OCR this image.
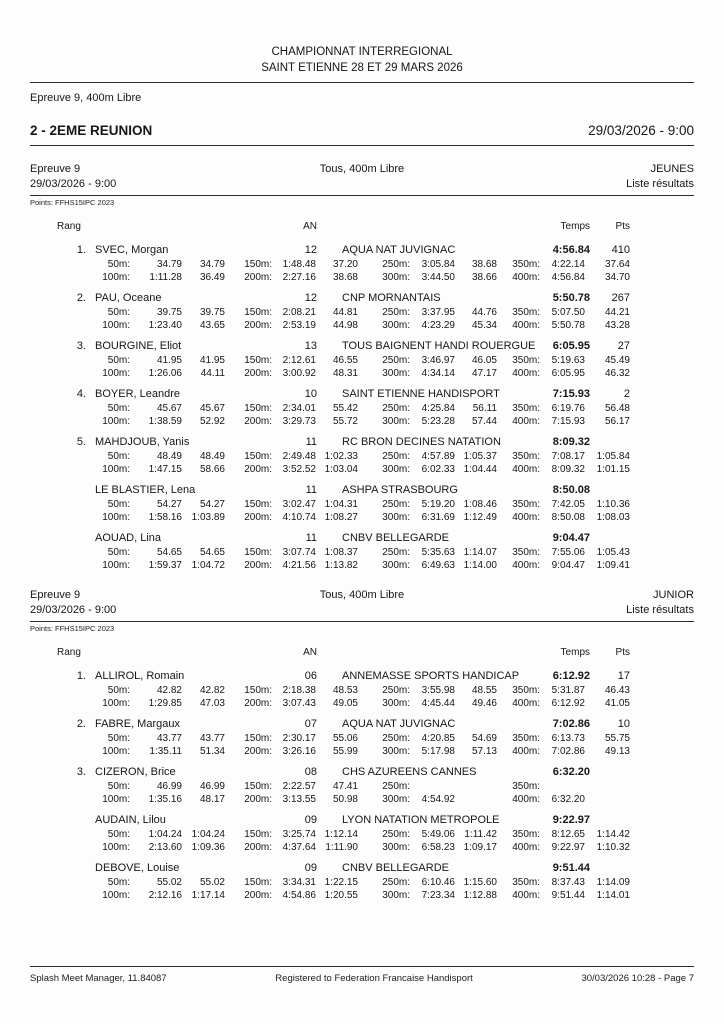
CHAMPIONNAT INTERREGIONAL
SAINT ETIENNE 28 ET 29 MARS 2026
Epreuve 9, 400m Libre
2 - 2EME REUNION	29/03/2026 - 9:00
Epreuve 9	Tous, 400m Libre	JEUNES
29/03/2026 - 9:00	Liste résultats
Points: FFHS15IPC 2023
Rang	AN	Temps	Pts
1. SVEC, Morgan	12	AQUA NAT JUVIGNAC	4:56.84	410
50m:	34.79	34.79	150m:	1:48.48	37.20	250m:	3:05.84	38.68	350m:	4:22.14	37.64
100m:	1:11.28	36.49	200m:	2:27.16	38.68	300m:	3:44.50	38.66	400m:	4:56.84	34.70
2. PAU, Oceane	12	CNP MORNANTAIS	5:50.78	267
50m:	39.75	39.75	150m:	2:08.21	44.81	250m:	3:37.95	44.76	350m:	5:07.50	44.21
100m:	1:23.40	43.65	200m:	2:53.19	44.98	300m:	4:23.29	45.34	400m:	5:50.78	43.28
3. BOURGINE, Eliot	13	TOUS BAIGNENT HANDI ROUERGUE	6:05.95	27
50m:	41.95	41.95	150m:	2:12.61	46.55	250m:	3:46.97	46.05	350m:	5:19.63	45.49
100m:	1:26.06	44.11	200m:	3:00.92	48.31	300m:	4:34.14	47.17	400m:	6:05.95	46.32
4. BOYER, Leandre	10	SAINT ETIENNE HANDISPORT	7:15.93	2
50m:	45.67	45.67	150m:	2:34.01	55.42	250m:	4:25.84	56.11	350m:	6:19.76	56.48
100m:	1:38.59	52.92	200m:	3:29.73	55.72	300m:	5:23.28	57.44	400m:	7:15.93	56.17
5. MAHDJOUB, Yanis	11	RC BRON DECINES NATATION	8:09.32
50m:	48.49	48.49	150m:	2:49.48 1:02.33	250m:	4:57.89 1:05.37	350m:	7:08.17	1:05.84
100m:	1:47.15	58.66	200m:	3:52.52 1:03.04	300m:	6:02.33 1:04.44	400m:	8:09.32	1:01.15
LE BLASTIER, Lena	11	ASHPA STRASBOURG	8:50.08
50m:	54.27	54.27	150m:	3:02.47 1:04.31	250m:	5:19.20 1:08.46	350m:	7:42.05	1:10.36
100m:	1:58.16 1:03.89	200m:	4:10.74 1:08.27	300m:	6:31.69 1:12.49	400m:	8:50.08	1:08.03
AOUAD, Lina	11	CNBV BELLEGARDE	9:04.47
50m:	54.65	54.65	150m:	3:07.74 1:08.37	250m:	5:35.63 1:14.07	350m:	7:55.06	1:05.43
100m:	1:59.37 1:04.72	200m:	4:21.56 1:13.82	300m:	6:49.63 1:14.00	400m:	9:04.47	1:09.41
Epreuve 9	Tous, 400m Libre	JUNIOR
29/03/2026 - 9:00	Liste résultats
Points: FFHS15IPC 2023
Rang	AN	Temps	Pts
1. ALLIROL, Romain	06	ANNEMASSE SPORTS HANDICAP	6:12.92	17
50m:	42.82	42.82	150m:	2:18.38	48.53	250m:	3:55.98	48.55	350m:	5:31.87	46.43
100m:	1:29.85	47.03	200m:	3:07.43	49.05	300m:	4:45.44	49.46	400m:	6:12.92	41.05
2. FABRE, Margaux	07	AQUA NAT JUVIGNAC	7:02.86	10
50m:	43.77	43.77	150m:	2:30.17	55.06	250m:	4:20.85	54.69	350m:	6:13.73	55.75
100m:	1:35.11	51.34	200m:	3:26.16	55.99	300m:	5:17.98	57.13	400m:	7:02.86	49.13
3. CIZERON, Brice	08	CHS AZUREENS CANNES	6:32.20
50m:	46.99	46.99	150m:	2:22.57	47.41	250m:	350m:
100m:	1:35.16	48.17	200m:	3:13.55	50.98	300m:	4:54.92	400m:	6:32.20
AUDAIN, Lilou	09	LYON NATATION METROPOLE	9:22.97
50m:	1:04.24 1:04.24	150m:	3:25.74 1:12.14	250m:	5:49.06 1:11.42	350m:	8:12.65	1:14.42
100m:	2:13.60 1:09.36	200m:	4:37.64 1:11.90	300m:	6:58.23 1:09.17	400m:	9:22.97	1:10.32
DEBOVE, Louise	09	CNBV BELLEGARDE	9:51.44
50m:	55.02	55.02	150m:	3:34.31 1:22.15	250m:	6:10.46 1:15.60	350m:	8:37.43	1:14.09
100m:	2:12.16 1:17.14	200m:	4:54.86 1:20.55	300m:	7:23.34 1:12.88	400m:	9:51.44	1:14.01
Splash Meet Manager, 11.84087	Registered to Federation Francaise Handisport	30/03/2026 10:28 - Page 7
